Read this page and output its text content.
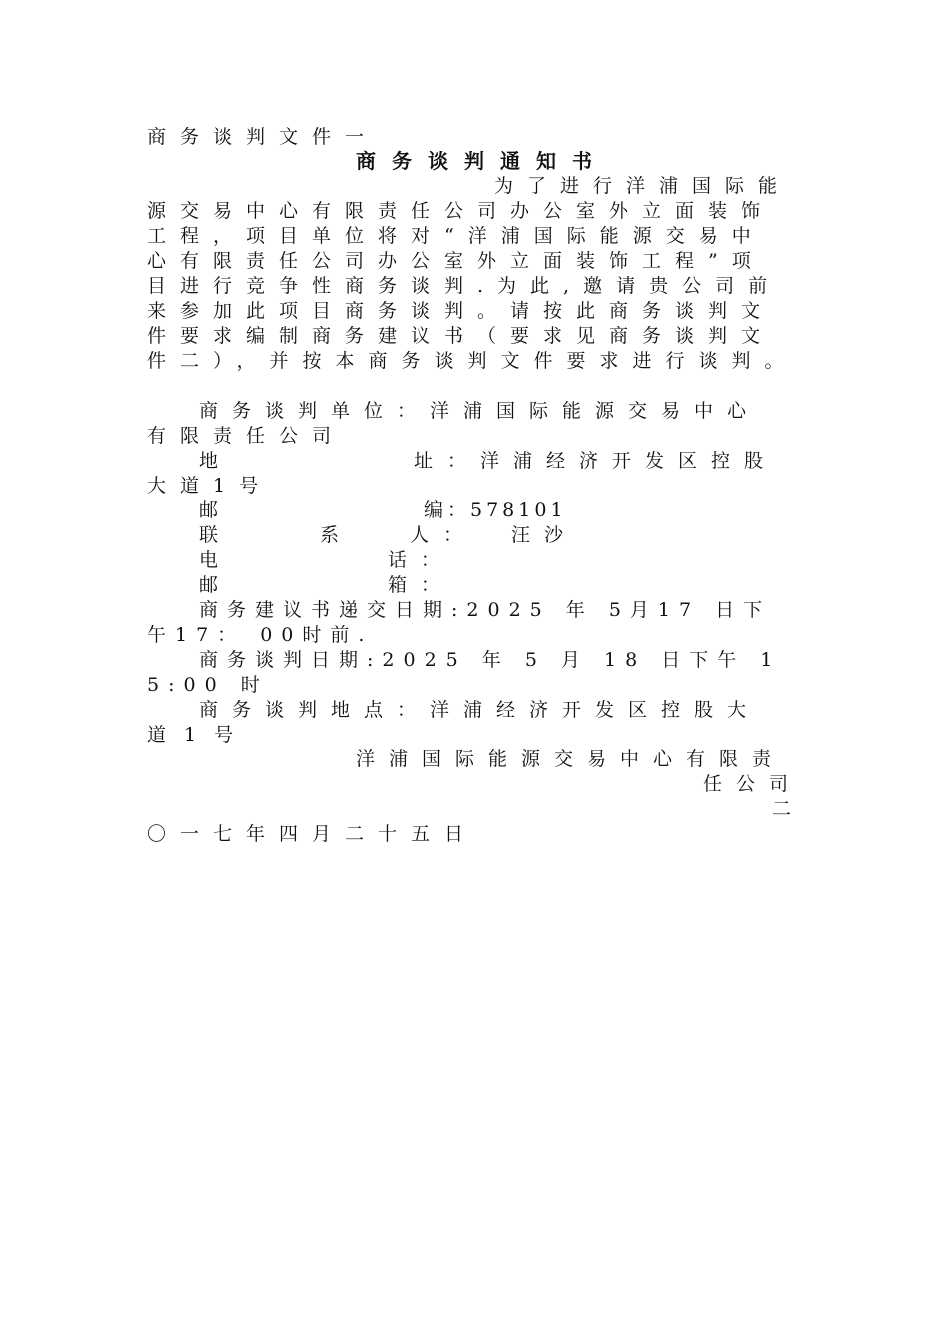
商务谈判文件一
商务谈判通知书
为了进行洋浦国际能
源交易中心有限责任公司办公室外立面装饰
工程，项目单位将对“洋浦国际能源交易中
心有限责任公司办公室外立面装饰工程”项
目进行竞争性商务谈判.为此,邀请贵公司前
来参加此项目商务谈判。请按此商务谈判文
件要求编制商务建议书（要求见商务谈判文
件二），并按本商务谈判文件要求进行谈判。
商务谈判单位：洋浦国际能源交易中心
有限责任公司
地	址：洋浦经济开发区控股
大道1号
邮	编：578101
联	系	人： 汪沙
电	话：
邮	箱：
商务建议书递交日期:2025 年 5月17 日下
午17： 00时前.
商务谈判日期:2025 年 5 月 18 日下午 1
5:00 时
商务谈判地点：洋浦经济开发区控股大
道 1 号
洋浦国际能源交易中心有限责
任公司
二
〇一七年四月二十五日
